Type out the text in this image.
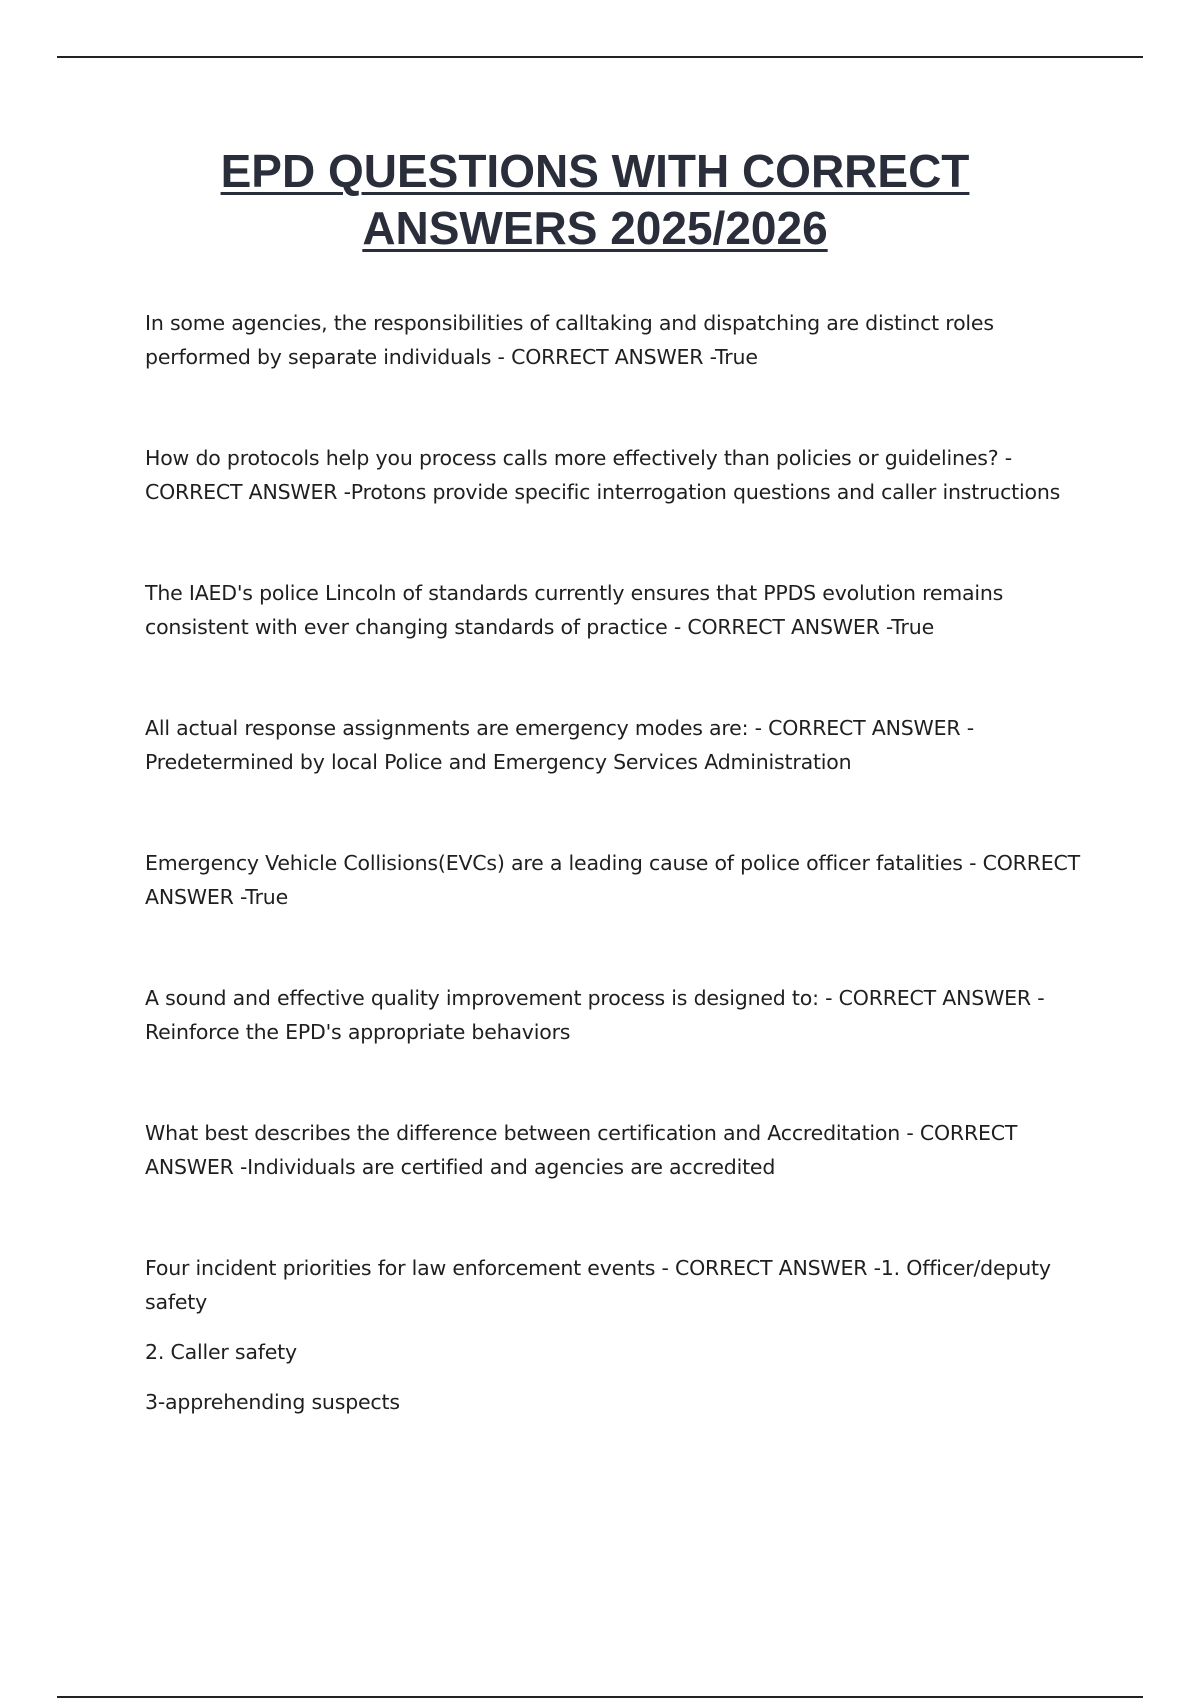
EPD QUESTIONS WITH CORRECT
ANSWERS 2025/2026

In some agencies, the responsibilities of calltaking and dispatching are distinct roles performed by separate individuals - CORRECT ANSWER -True

How do protocols help you process calls more effectively than policies or guidelines? - CORRECT ANSWER -Protons provide specific interrogation questions and caller instructions

The IAED's police Lincoln of standards currently ensures that PPDS evolution remains consistent with ever changing standards of practice - CORRECT ANSWER -True

All actual response assignments are emergency modes are: - CORRECT ANSWER -Predetermined by local Police and Emergency Services Administration

Emergency Vehicle Collisions(EVCs) are a leading cause of police officer fatalities - CORRECT ANSWER -True

A sound and effective quality improvement process is designed to: - CORRECT ANSWER - Reinforce the EPD's appropriate behaviors

What best describes the difference between certification and Accreditation - CORRECT ANSWER -Individuals are certified and agencies are accredited

Four incident priorities for law enforcement events - CORRECT ANSWER -1. Officer/deputy safety

2. Caller safety

3-apprehending suspects
